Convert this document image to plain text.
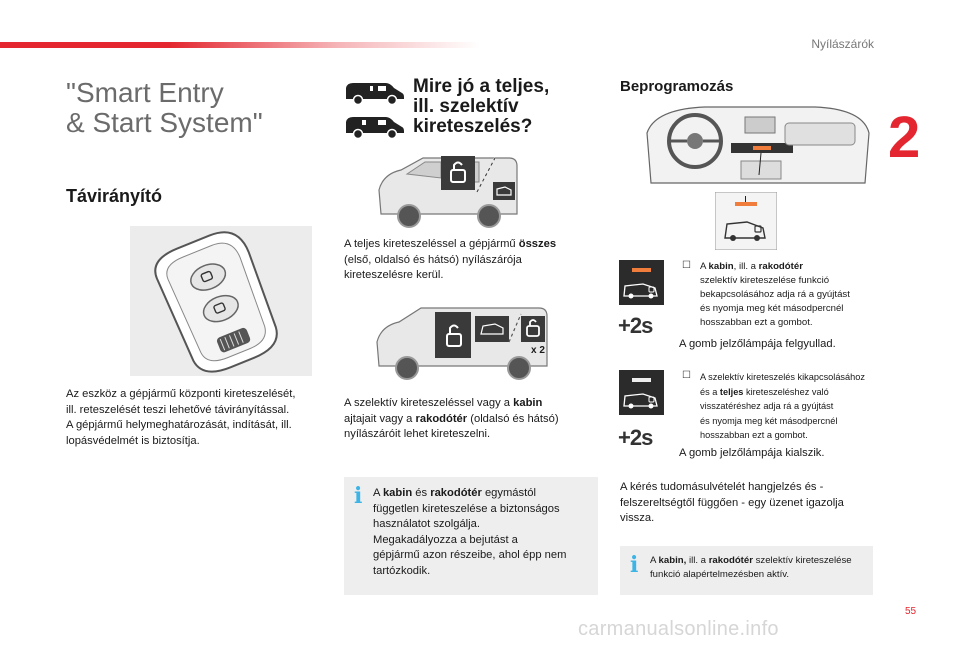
Nyílászárók
2
55
carmanualsonline.info
"Smart Entry
& Start System"
Távirányító
Az eszköz a gépjármű központi kireteszelését,
ill. reteszelését teszi lehetővé távirányítással.
A gépjármű helymeghatározását, indítását, ill.
lopásvédelmét is biztosítja.
Mire jó a teljes,
ill. szelektív
kireteszelés?
A teljes kireteszeléssel a gépjármű összes
(első, oldalsó és hátsó) nyílászárója
kireteszelésre kerül.
x 2
A szelektív kireteszeléssel vagy a kabin
ajtajait vagy a rakodótér (oldalsó és hátsó)
nyílászáróit lehet kireteszelni.
i A kabin és rakodótér egymástól
független kireteszelése a biztonságos
használatot szolgálja.
Megakadályozza a bejutást a
gépjármű azon részeibe, ahol épp nem
tartózkodik.
Beprogramozás
+2s
☐ A kabin, ill. a rakodótér
szelektív kireteszelése funkció
bekapcsolásához adja rá a gyújtást
és nyomja meg két másodpercnél
hosszabban ezt a gombot.
A gomb jelzőlámpája felgyullad.
+2s
☐ A szelektív kireteszelés kikapcsolásához
és a teljes kireteszeléshez való
visszatéréshez adja rá a gyújtást
és nyomja meg két másodpercnél
hosszabban ezt a gombot.
A gomb jelzőlámpája kialszik.
A kérés tudomásulvételét hangjelzés és -
felszereltségtől függően - egy üzenet igazolja
vissza.
i A kabin, ill. a rakodótér szelektív kireteszelése
funkció alapértelmezésben aktív.
